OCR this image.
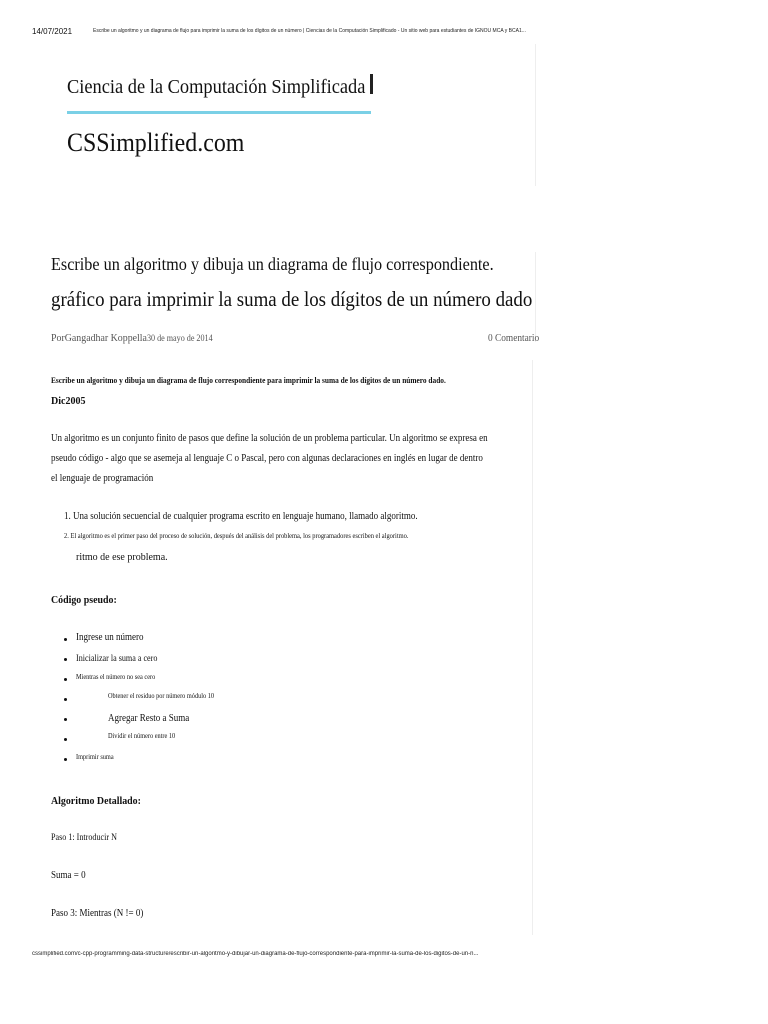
14/07/2021	Escribe un algoritmo y un diagrama de flujo para imprimir la suma de los dígitos de un número | Ciencias de la Computación Simplificado - Un sitio web para estudiantes de IGNOU MCA y BCA1...
Ciencia de la Computación Simplificada
CSSimplified.com
Escribe un algoritmo y dibuja un diagrama de flujo correspondiente.
gráfico para imprimir la suma de los dígitos de un número dado
PorGangadhar Koppella30 de mayo de 2014	0 Comentario
Escribe un algoritmo y dibuja un diagrama de flujo correspondiente para imprimir la suma de los dígitos de un número dado.
Dic2005
Un algoritmo es un conjunto finito de pasos que define la solución de un problema particular. Un algoritmo se expresa en
pseudo código - algo que se asemeja al lenguaje C o Pascal, pero con algunas declaraciones en inglés en lugar de dentro
el lenguaje de programación
1. Una solución secuencial de cualquier programa escrito en lenguaje humano, llamado algoritmo.
2. El algoritmo es el primer paso del proceso de solución, después del análisis del problema, los programadores escriben el algoritmo.
ritmo de ese problema.
Código pseudo:
Ingrese un número
Inicializar la suma a cero
Mientras el número no sea cero
Obtener el residuo por número módulo 10
Agregar Resto a Suma
Dividir el número entre 10
Imprimir suma
Algoritmo Detallado:
Paso 1: Introducir N
Suma = 0
Paso 3: Mientras (N != 0)
cssimplified.com/c-cpp-programming-data-structure/escribir-un-algoritmo-y-dibujar-un-diagrama-de-flujo-correspondiente-para-imprimir-la-suma-de-los-digitos-de-un-n...
